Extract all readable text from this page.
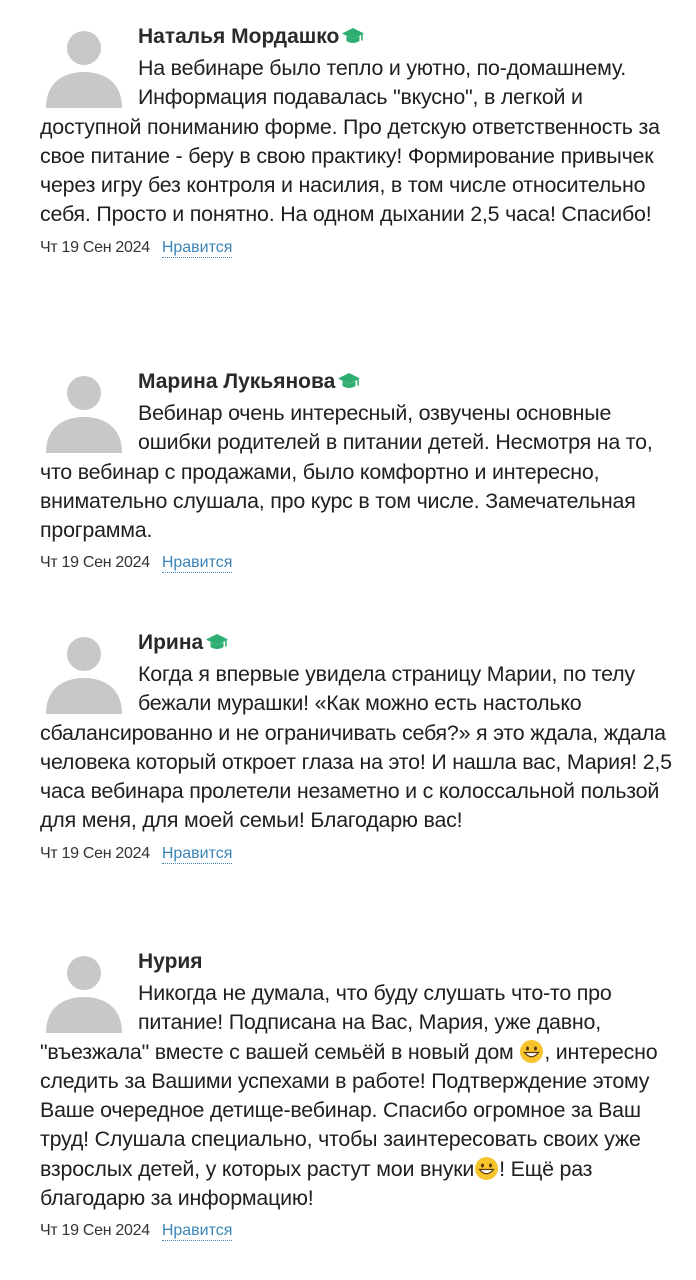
Наталья Мордашко

На вебинаре было тепло и уютно, по-домашнему. Информация подавалась "вкусно", в легкой и доступной пониманию форме. Про детскую ответственность за свое питание - беру в свою практику! Формирование привычек через игру без контроля и насилия, в том числе относительно себя. Просто и понятно. На одном дыхании 2,5 часа! Спасибо!

Чт 19 Сен 2024 Нравится
Марина Лукьянова

Вебинар очень интересный, озвучены основные ошибки родителей в питании детей. Несмотря на то, что вебинар с продажами, было комфортно и интересно, внимательно слушала, про курс в том числе. Замечательная программа.

Чт 19 Сен 2024 Нравится
Ирина

Когда я впервые увидела страницу Марии, по телу бежали мурашки! «Как можно есть настолько сбалансированно и не ограничивать себя?» я это ждала, ждала человека который откроет глаза на это! И нашла вас, Мария! 2,5 часа вебинара пролетели незаметно и с колоссальной пользой для меня, для моей семьи! Благодарю вас!

Чт 19 Сен 2024 Нравится
Нурия

Никогда не думала, что буду слушать что-то про питание! Подписана на Вас, Мария, уже давно, "въезжала" вместе с вашей семьёй в новый дом , интересно следить за Вашими успехами в работе! Подтверждение этому Ваше очередное детище-вебинар. Спасибо огромное за Ваш труд! Слушала специально, чтобы заинтересовать своих уже взрослых детей, у которых растут мои внуки ! Ещё раз благодарю за информацию!

Чт 19 Сен 2024 Нравится
